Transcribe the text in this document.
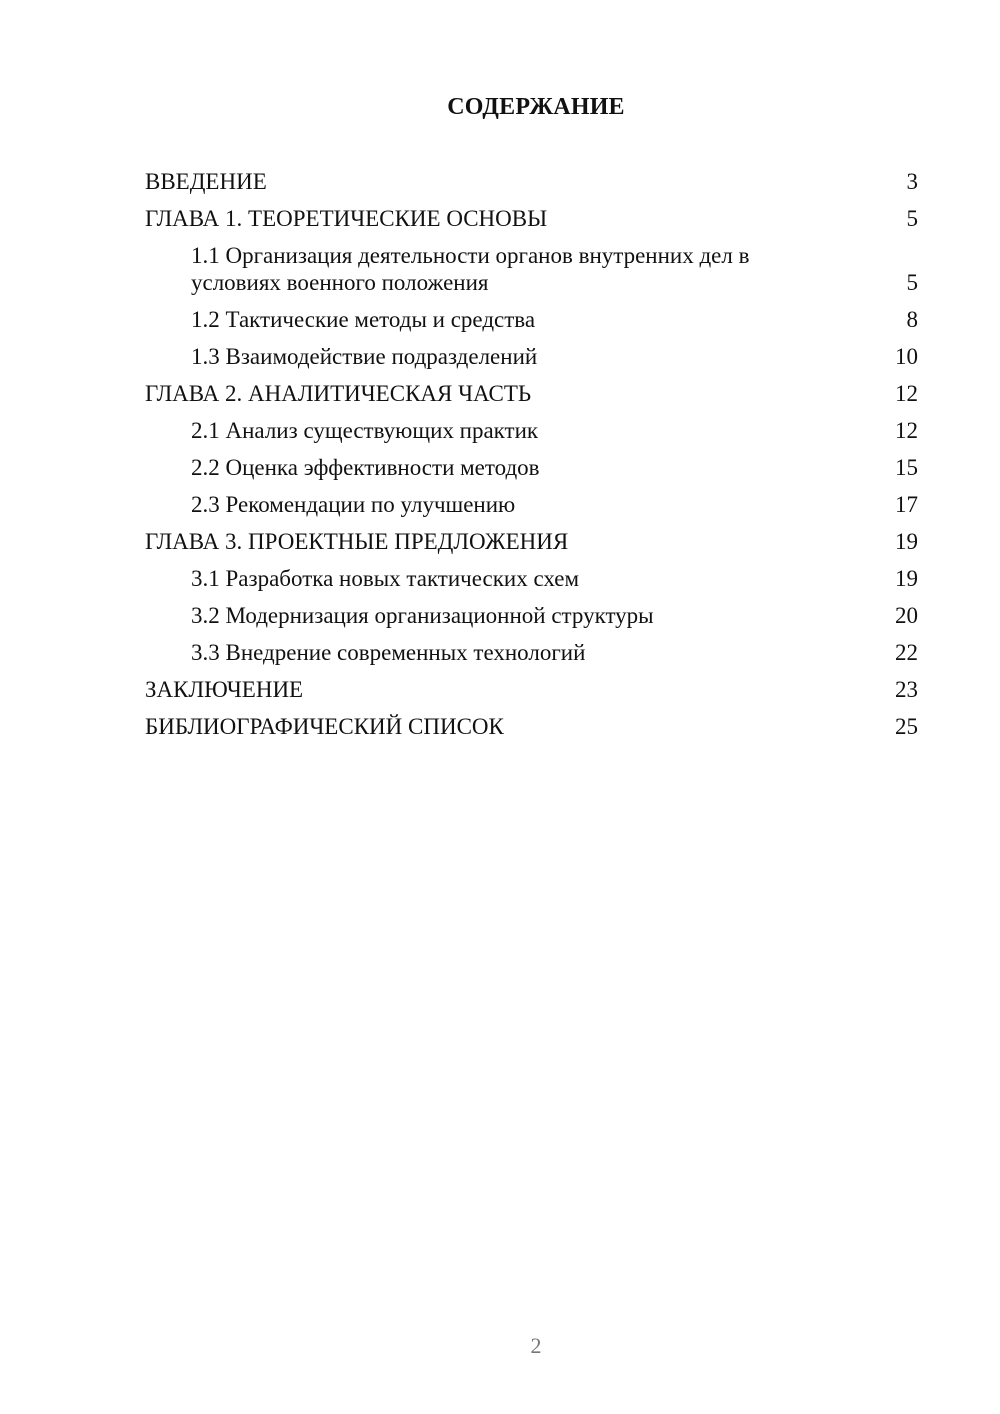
СОДЕРЖАНИЕ
ВВЕДЕНИЕ	3
ГЛАВА 1. ТЕОРЕТИЧЕСКИЕ ОСНОВЫ	5
1.1 Организация деятельности органов внутренних дел в условиях военного положения	5
1.2 Тактические методы и средства	8
1.3 Взаимодействие подразделений	10
ГЛАВА 2. АНАЛИТИЧЕСКАЯ ЧАСТЬ	12
2.1 Анализ существующих практик	12
2.2 Оценка эффективности методов	15
2.3 Рекомендации по улучшению	17
ГЛАВА 3. ПРОЕКТНЫЕ ПРЕДЛОЖЕНИЯ	19
3.1 Разработка новых тактических схем	19
3.2 Модернизация организационной структуры	20
3.3 Внедрение современных технологий	22
ЗАКЛЮЧЕНИЕ	23
БИБЛИОГРАФИЧЕСКИЙ СПИСОК	25
2
